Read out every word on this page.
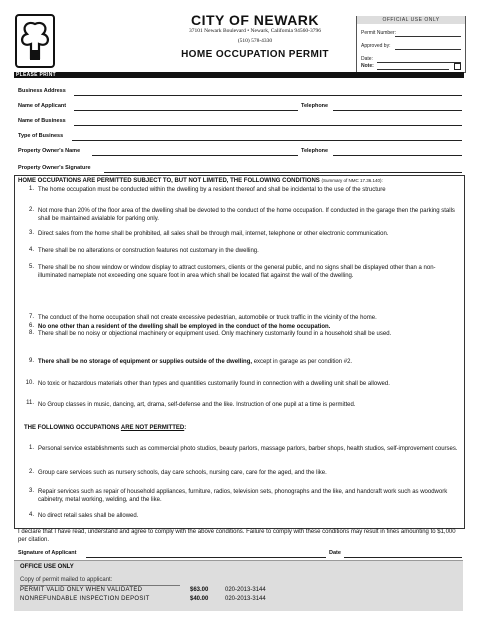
CITY OF NEWARK
37101 Newark Boulevard • Newark, California 94560-3796
(510) 578-4330
HOME OCCUPATION PERMIT
OFFICIAL USE ONLY
Permit Number:
Approved by:
Date:
Note:
PLEASE PRINT
Business Address
Name of Applicant	Telephone
Name of Business
Type of Business
Property Owner's Name	Telephone
Property Owner's Signature
HOME OCCUPATIONS ARE PERMITTED SUBJECT TO, BUT NOT LIMITED, THE FOLLOWING CONDITIONS (Summary of NMC 17.36.140):
1. The home occupation must be conducted within the dwelling by a resident thereof and shall be incidental to the use of the structure
2. Not more than 20% of the floor area of the dwelling shall be devoted to the conduct of the home occupation. If conducted in the garage then the parking stalls shall be maintained avialable for parking only.
3. Direct sales from the home shall be prohibited, all sales shall be through mail, internet, telephone or other electronic communication.
4. There shall be no alterations or construction features not customary in the dwelling.
5. There shall be no show window or window display to attract customers, clients or the general public, and no signs shall be displayed other than a non-illuminated nameplate not exceeding one square foot in area which shall be located flat against the wall of the dwelling.
6. No one other than a resident of the dwelling shall be employed in the conduct of the home occupation.
7. The conduct of the home occupation shall not create excessive pedestrian, automobile or truck traffic in the vicinity of the home.
8. There shall be no noisy or objectional machinery or equipment used. Only machinery customarily found in a household shall be used.
9. There shall be no storage of equipment or supplies outside of the dwelling, except in garage as per condition #2.
10. No toxic or hazardous materials other than types and quantities customarily found in connection with a dwelling unit shall be allowed.
11. No Group classes in music, dancing, art, drama, self-defense and the like. Instruction of one pupil at a time is permitted.
THE FOLLOWING OCCUPATIONS ARE NOT PERMITTED:
1. Personal service establishments such as commercial photo studios, beauty parlors, massage parlors, barber shops, health studios, self-improvement courses.
2. Group care services such as nursery schools, day care schools, nursing care, care for the aged, and the like.
3. Repair services such as repair of household appliances, furniture, radios, television sets, phonographs and the like, and handcraft work such as woodwork cabinetry, metal working, welding, and the like.
4. No direct retail sales shall be allowed.
I declare that I have read, understand and agree to comply with the above conditions. Failure to comply with these conditions may result in fines amounting to $1,000 per citation.
Signature of Applicant	Date
OFFICE USE ONLY
Copy of permit mailed to applicant:
PERMIT VALID ONLY WHEN VALIDATED	$63.00	020-2013-3144
NONREFUNDABLE INSPECTION DEPOSIT	$40.00	020-2013-3144
